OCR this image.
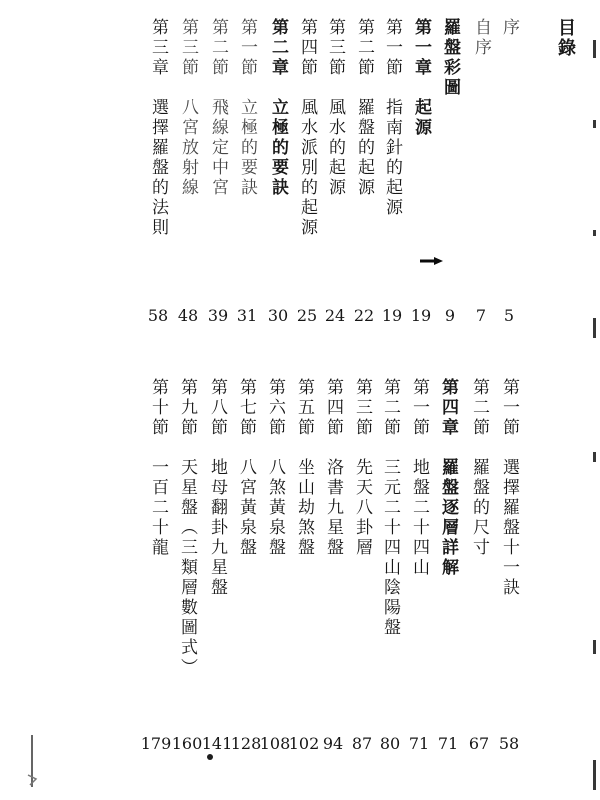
目錄
序
自序
羅盤彩圖
第一章　起源
第一節　指南針的起源
第二節　羅盤的起源
第三節　風水的起源
第四節　風水派別的起源
第二章　立極的要訣
第一節　立極的要訣
第二節　飛線定中宮
第三節　八宮放射線
第三章　選擇羅盤的法則
5
7
9
19
19
22
24
25
30
31
39
48
58
第一節　選擇羅盤十一訣
第二節　羅盤的尺寸
第四章　羅盤逐層詳解
第一節　地盤二十四山
第二節　三元二十四山陰陽盤
第三節　先天八卦層
第四節　洛書九星盤
第五節　坐山劫煞盤
第六節　八煞黃泉盤
第七節　八宮黃泉盤
第八節　地母翻卦九星盤
第九節　天星盤（三類層數圖式）
第十節　一百二十龍
58
67
71
71
80
87
94
102
108
128
141
160
179
